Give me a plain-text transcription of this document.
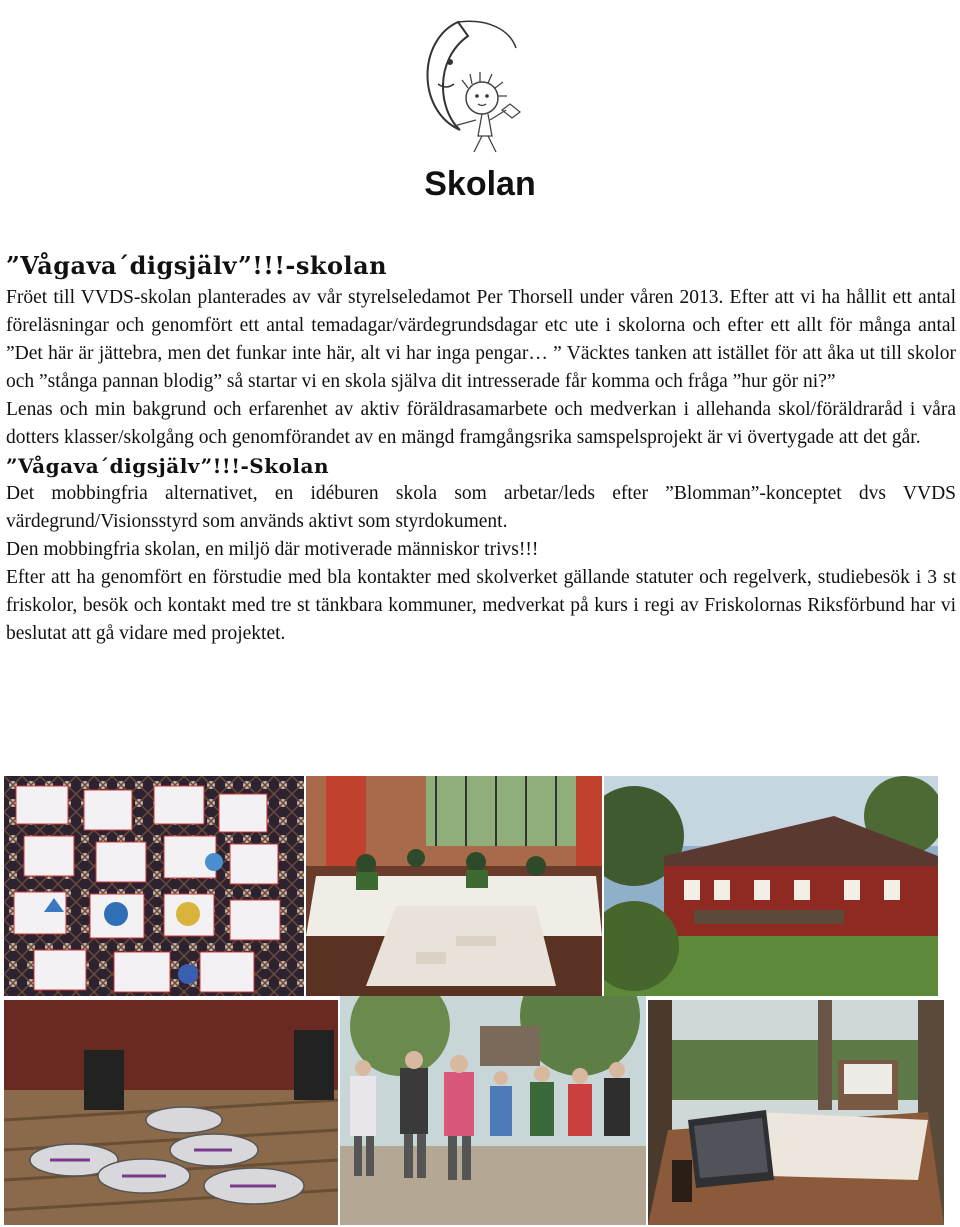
Skolan
”Vågava´digsjälv”!!!-skolan

Fröet till VVDS-skolan planterades av vår styrelseledamot Per Thorsell under våren 2013. Efter att vi ha hållit ett antal föreläsningar och genomfört ett antal temadagar/värdegrundsdagar etc ute i skolorna och efter ett allt för många antal ”Det här är jättebra, men det funkar inte här, alt vi har inga pengar… ” Väcktes tanken att istället för att åka ut till skolor och ”stånga pannan blodig” så startar vi en skola själva dit intresserade får komma och fråga ”hur gör ni?”

Lenas och min bakgrund och erfarenhet av aktiv föräldrasamarbete och medverkan i allehanda skol/föräldraråd i våra dotters klasser/skolgång och genomförandet av en mängd framgångsrika samspelsprojekt är vi övertygade att det går.

”Vågava´digsjälv”!!!-Skolan

Det mobbingfria alternativet, en idéburen skola som arbetar/leds efter ”Blomman”-konceptet dvs VVDS värdegrund/Visionsstyrd som används aktivt som styrdokument.

Den mobbingfria skolan, en miljö där motiverade människor trivs!!!

Efter att ha genomfört en förstudie med bla kontakter med skolverket gällande statuter och regelverk, studiebesök i 3 st friskolor, besök och kontakt med tre st tänkbara kommuner, medverkat på kurs i regi av Friskolornas Riksförbund har vi beslutat att gå vidare med projektet.
